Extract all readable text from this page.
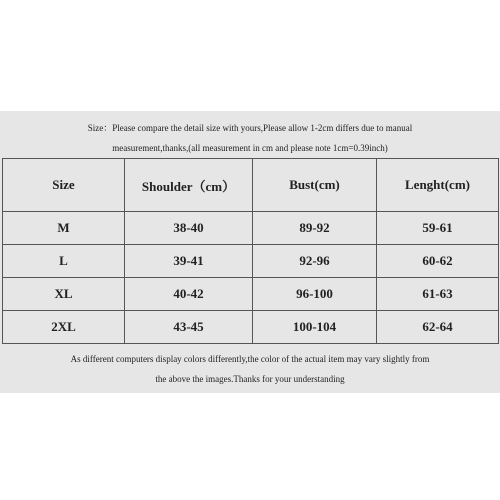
Size：Please compare the detail size with yours,Please allow 1-2cm differs due to manual
measurement,thanks,(all measurement in cm and please note 1cm=0.39inch)
Size	Shoulder（cm）	Bust(cm)	Lenght(cm)
M	38-40	89-92	59-61
L	39-41	92-96	60-62
XL	40-42	96-100	61-63
2XL	43-45	100-104	62-64
As different computers display colors differently,the color of the actual item may vary slightly from
the above the images.Thanks for your understanding
